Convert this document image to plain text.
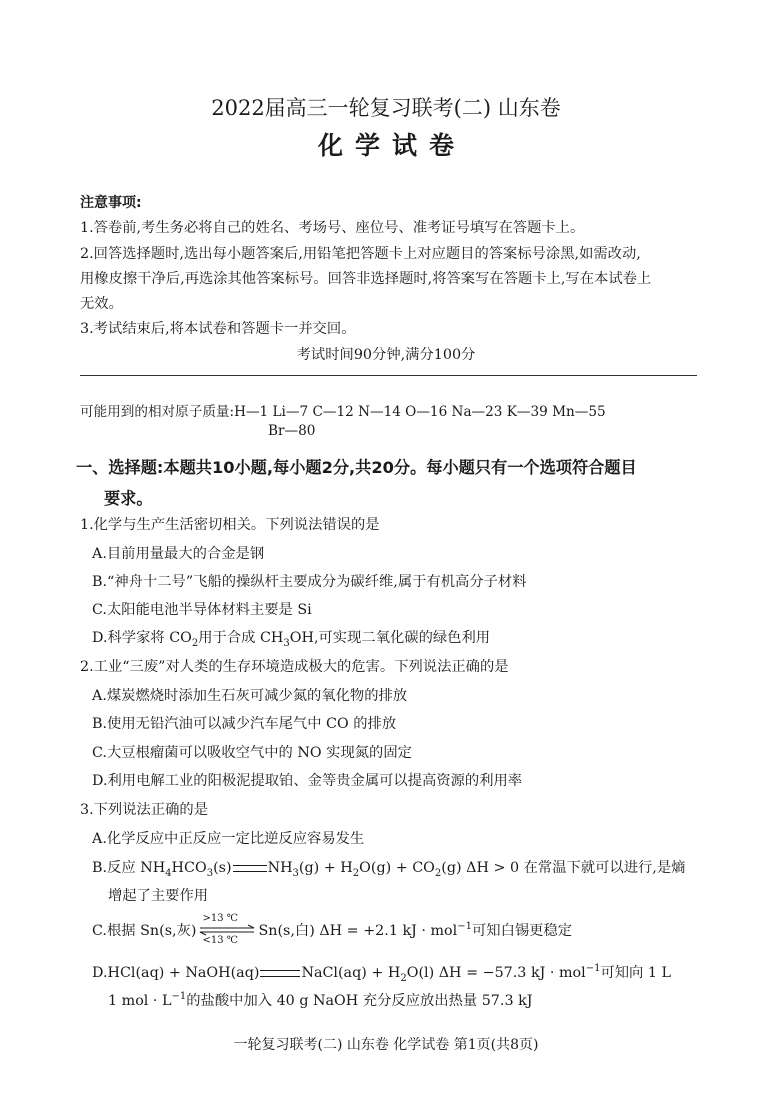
2022届高三一轮复习联考(二) 山东卷
化学试卷
注意事项:
1.答卷前,考生务必将自己的姓名、考场号、座位号、准考证号填写在答题卡上。
2.回答选择题时,选出每小题答案后,用铅笔把答题卡上对应题目的答案标号涂黑,如需改动,
用橡皮擦干净后,再选涂其他答案标号。回答非选择题时,将答案写在答题卡上,写在本试卷上
无效。
3.考试结束后,将本试卷和答题卡一并交回。
考试时间90分钟,满分100分
可能用到的相对原子质量:H—1 Li—7 C—12 N—14 O—16 Na—23 K—39 Mn—55
Br—80
一、选择题:本题共10小题,每小题2分,共20分。每小题只有一个选项符合题目
要求。
1.化学与生产生活密切相关。下列说法错误的是
A.目前用量最大的合金是钢
B.“神舟十二号”飞船的操纵杆主要成分为碳纤维,属于有机高分子材料
C.太阳能电池半导体材料主要是 Si
D.科学家将 $CO_2$用于合成 $CH_3OH$,可实现二氧化碳的绿色利用
2.工业“三废”对人类的生存环境造成极大的危害。下列说法正确的是
A.煤炭燃烧时添加生石灰可减少氮的氧化物的排放
B.使用无铅汽油可以减少汽车尾气中 CO 的排放
C.大豆根瘤菌可以吸收空气中的 NO 实现氮的固定
D.利用电解工业的阳极泥提取铂、金等贵金属可以提高资源的利用率
3.下列说法正确的是
A.化学反应中正反应一定比逆反应容易发生
B.反应 $NH_4HCO_3(s)$	$NH_3(g) + H_2O(g) + CO_2(g) \Delta H > 0$ 在常温下就可以进行,是熵
增起了主要作用
C.根据 Sn(s,灰)
>13 ℃
<13 ℃
Sn(s,白) ΔH = +2.1 kJ · mol$^{-1}$可知白锡更稳定
D.HCl(aq) + NaOH(aq)	NaCl(aq) + $H_2O(l) \Delta H = -57.3$ kJ · mol$^{-1}$可知向 1 L
1 mol · $L^{-1}$的盐酸中加入 40 g NaOH 充分反应放出热量 57.3 kJ
一轮复习联考(二) 山东卷 化学试卷 第1页(共8页)
